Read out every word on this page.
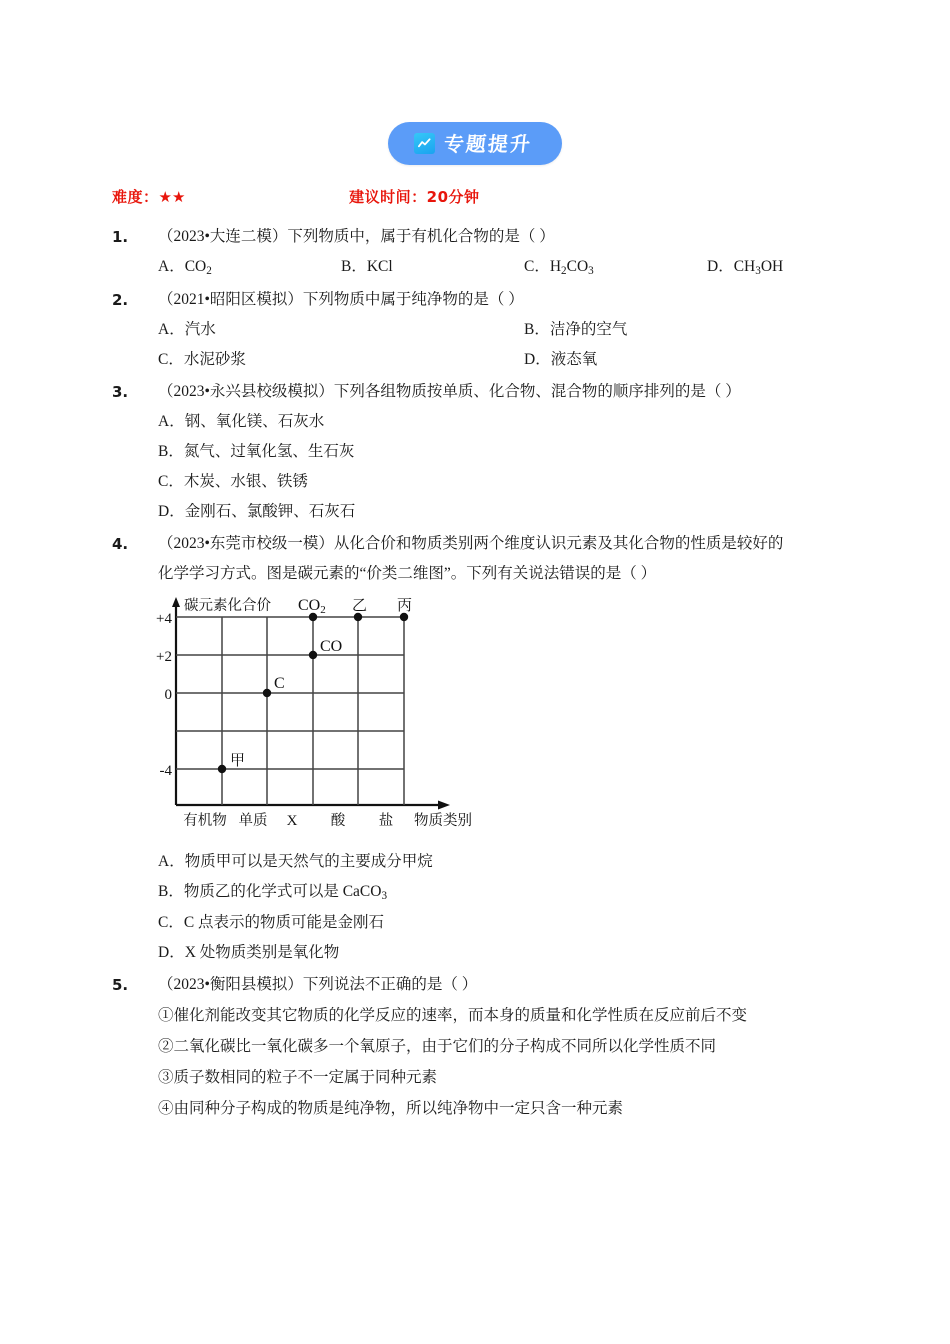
专题提升
难度：★★	建议时间：20分钟
1.	（2023•大连二模）下列物质中，属于有机化合物的是（ ）
A．$CO_2$	B．KCl	C．$H_2CO_3$	D．$CH_3OH$
2.	（2021•昭阳区模拟）下列物质中属于纯净物的是（ ）
A．汽水	B．洁净的空气
C．水泥砂浆	D．液态氧
3.	（2023•永兴县校级模拟）下列各组物质按单质、化合物、混合物的顺序排列的是（ ）
A．钢、氧化镁、石灰水
B．氮气、过氧化氢、生石灰
C．木炭、水银、铁锈
D．金刚石、氯酸钾、石灰石
4.	（2023•东莞市校级一模）从化合价和物质类别两个维度认识元素及其化合物的性质是较好的
化学学习方式。图是碳元素的“价类二维图”。下列有关说法错误的是（ ）
+4
+2
0
-4
碳元素化合价
甲
C
CO
CO2 乙 丙
有机物 单质 X 酸 盐 物质类别
A．物质甲可以是天然气的主要成分甲烷
B．物质乙的化学式可以是 CaCO$_3$
C．C 点表示的物质可能是金刚石
D．X 处物质类别是氧化物
5.	（2023•衡阳县模拟）下列说法不正确的是（ ）
①催化剂能改变其它物质的化学反应的速率，而本身的质量和化学性质在反应前后不变
②二氧化碳比一氧化碳多一个氧原子，由于它们的分子构成不同所以化学性质不同
③质子数相同的粒子不一定属于同种元素
④由同种分子构成的物质是纯净物，所以纯净物中一定只含一种元素
